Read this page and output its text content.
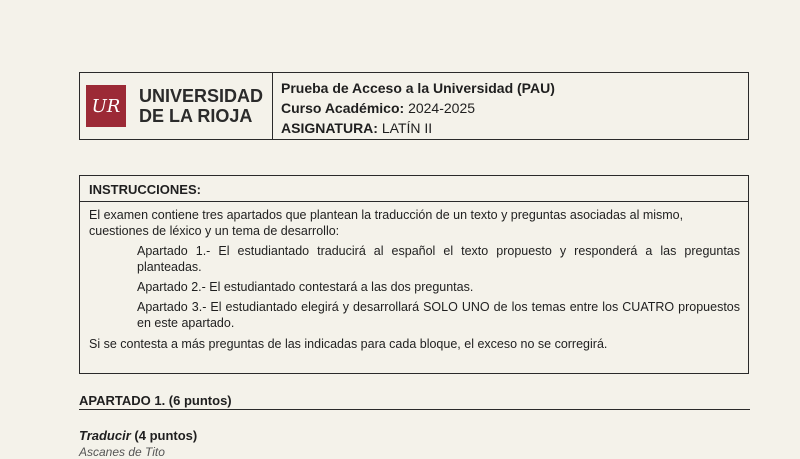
UR	UNIVERSIDAD
DE LA RIOJA
Prueba de Acceso a la Universidad (PAU)
Curso Académico: 2024-2025
ASIGNATURA: LATÍN II
INSTRUCCIONES:

El examen contiene tres apartados que plantean la traducción de un texto y preguntas asociadas al mismo, cuestiones de léxico y un tema de desarrollo:

Apartado 1.- El estudiantado traducirá al español el texto propuesto y responderá a las preguntas planteadas.

Apartado 2.- El estudiantado contestará a las dos preguntas.

Apartado 3.- El estudiantado elegirá y desarrollará SOLO UNO de los temas entre los CUATRO propuestos en este apartado.

Si se contesta a más preguntas de las indicadas para cada bloque, el exceso no se corregirá.

APARTADO 1. (6 puntos)
Traducir (4 puntos)
Ascanes de Tito
